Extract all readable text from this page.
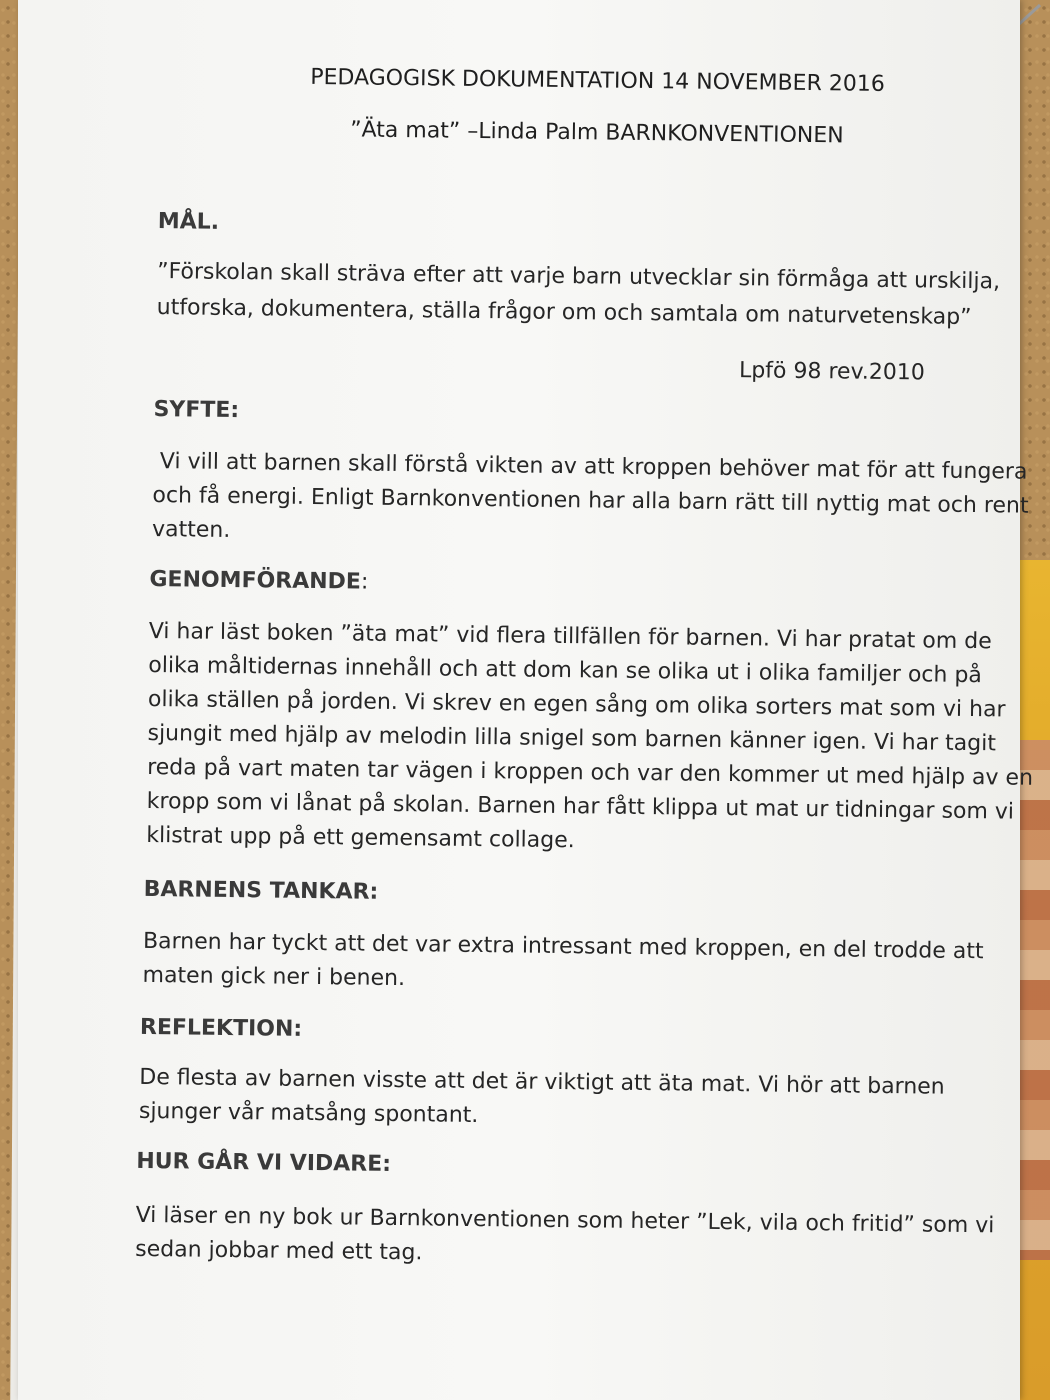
PEDAGOGISK DOKUMENTATION 14 NOVEMBER 2016
”Äta mat” –Linda Palm BARNKONVENTIONEN
MÅL.
”Förskolan skall sträva efter att varje barn utvecklar sin förmåga att urskilja,
utforska, dokumentera, ställa frågor om och samtala om naturvetenskap”
Lpfö 98 rev.2010
SYFTE:
Vi vill att barnen skall förstå vikten av att kroppen behöver mat för att fungera
och få energi. Enligt Barnkonventionen har alla barn rätt till nyttig mat och rent
vatten.
GENOMFÖRANDE:
Vi har läst boken ”äta mat” vid flera tillfällen för barnen. Vi har pratat om de
olika måltidernas innehåll och att dom kan se olika ut i olika familjer och på
olika ställen på jorden. Vi skrev en egen sång om olika sorters mat som vi har
sjungit med hjälp av melodin lilla snigel som barnen känner igen. Vi har tagit
reda på vart maten tar vägen i kroppen och var den kommer ut med hjälp av en
kropp som vi lånat på skolan. Barnen har fått klippa ut mat ur tidningar som vi
klistrat upp på ett gemensamt collage.
BARNENS TANKAR:
Barnen har tyckt att det var extra intressant med kroppen, en del trodde att
maten gick ner i benen.
REFLEKTION:
De flesta av barnen visste att det är viktigt att äta mat. Vi hör att barnen
sjunger vår matsång spontant.
HUR GÅR VI VIDARE:
Vi läser en ny bok ur Barnkonventionen som heter ”Lek, vila och fritid” som vi
sedan jobbar med ett tag.
